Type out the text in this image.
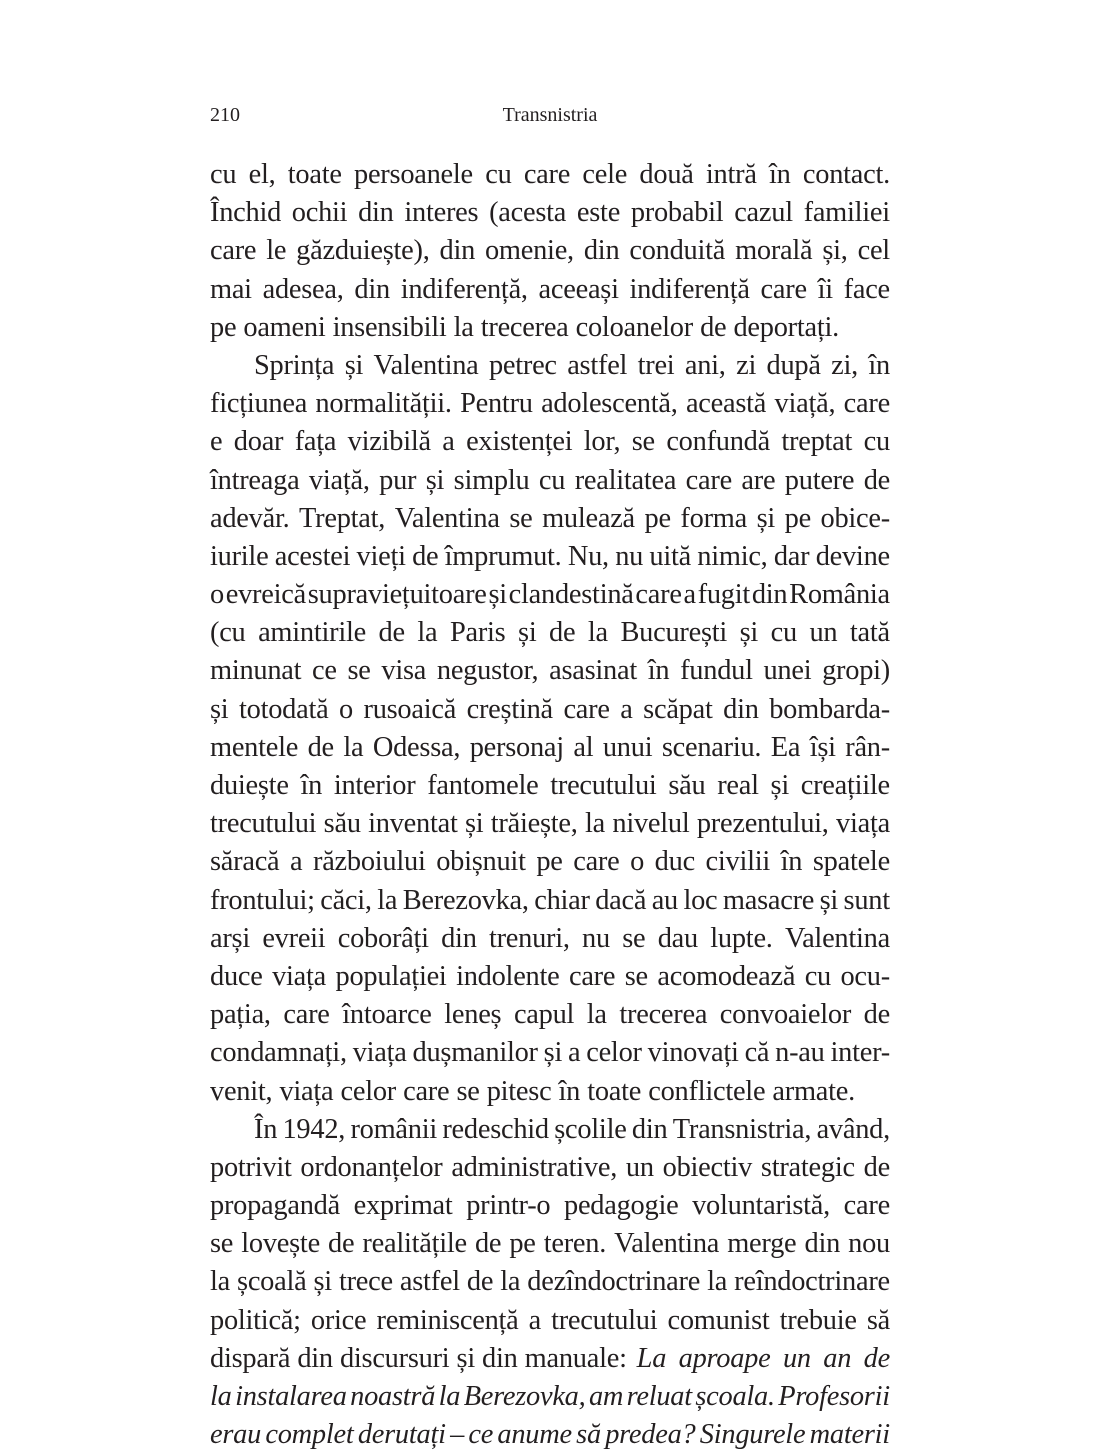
210	Transnistria
cu el, toate persoanele cu care cele două intră în contact.
Închid ochii din interes (acesta este probabil cazul familiei
care le găzduiește), din omenie, din conduită morală și, cel
mai adesea, din indiferență, aceeași indiferență care îi face
pe oameni insensibili la trecerea coloanelor de deportați.
Sprința și Valentina petrec astfel trei ani, zi după zi, în
ficțiunea normalității. Pentru adolescentă, această viață, care
e doar fața vizibilă a existenței lor, se confundă treptat cu
întreaga viață, pur și simplu cu realitatea care are putere de
adevăr. Treptat, Valentina se mulează pe forma și pe obice-
iurile acestei vieți de împrumut. Nu, nu uită nimic, dar devine
o evreică supraviețuitoare și clandestină care a fugit din România
(cu amintirile de la Paris și de la București și cu un tată
minunat ce se visa negustor, asasinat în fundul unei gropi)
și totodată o rusoaică creștină care a scăpat din bombarda-
mentele de la Odessa, personaj al unui scenariu. Ea își rân-
duiește în interior fantomele trecutului său real și creațiile
trecutului său inventat și trăiește, la nivelul prezentului, viața
săracă a războiului obișnuit pe care o duc civilii în spatele
frontului; căci, la Berezovka, chiar dacă au loc masacre și sunt
arși evreii coborâți din trenuri, nu se dau lupte. Valentina
duce viața populației indolente care se acomodează cu ocu-
pația, care întoarce leneș capul la trecerea convoaielor de
condamnați, viața dușmanilor și a celor vinovați că n-au inter-
venit, viața celor care se pitesc în toate conflictele armate.
În 1942, românii redeschid școlile din Transnistria, având,
potrivit ordonanțelor administrative, un obiectiv strategic de
propagandă exprimat printr-o pedagogie voluntaristă, care
se lovește de realitățile de pe teren. Valentina merge din nou
la școală și trece astfel de la dezîndoctrinare la reîndoctrinare
politică; orice reminiscență a trecutului comunist trebuie să
dispară din discursuri și din manuale: La aproape un an de
la instalarea noastră la Berezovka, am reluat școala. Profesorii
erau complet derutați – ce anume să predea? Singurele materii
